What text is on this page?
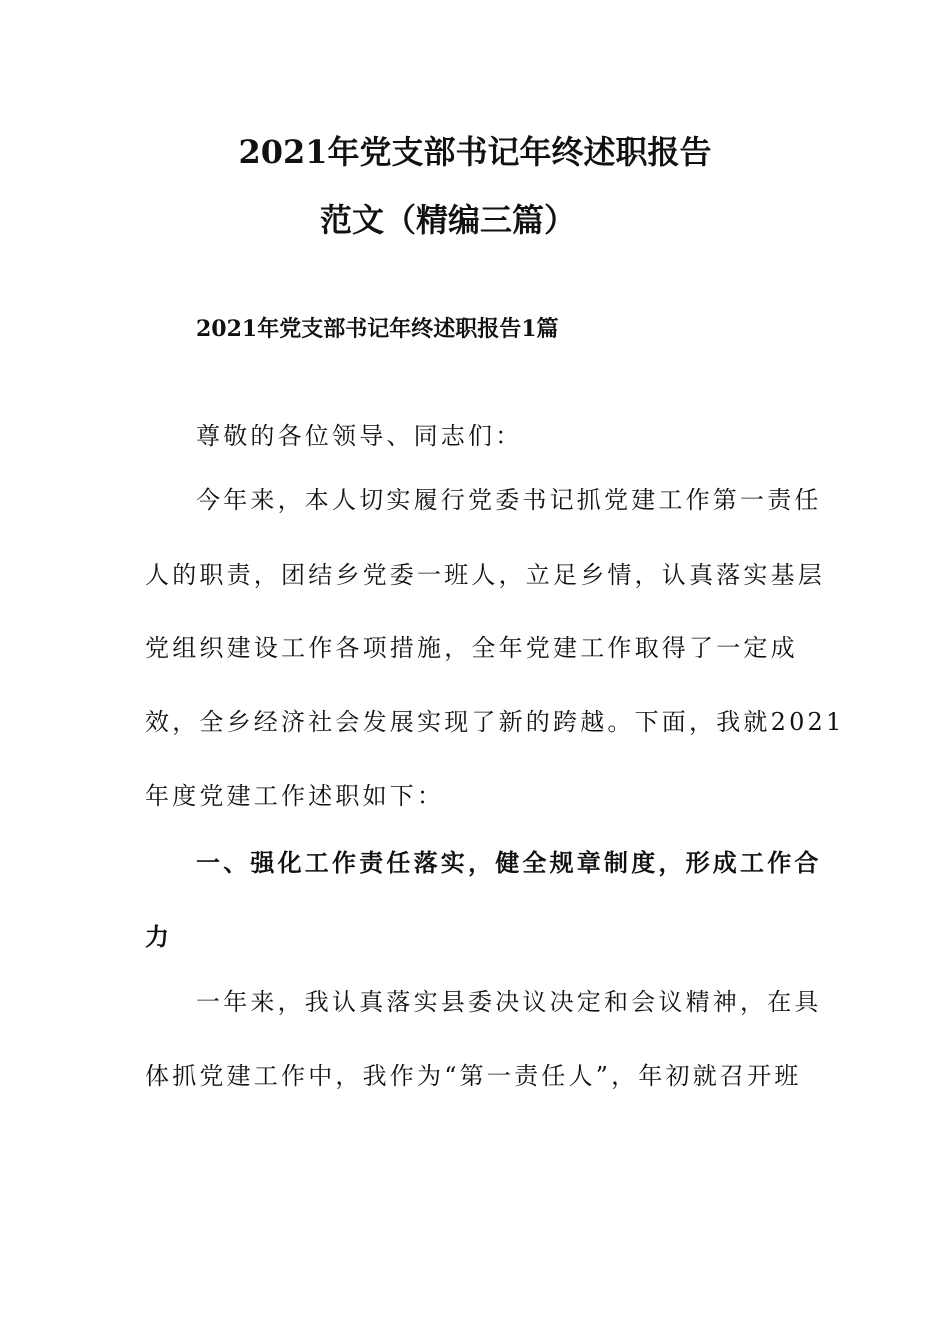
2021年党支部书记年终述职报告
范文（精编三篇）
2021年党支部书记年终述职报告1篇
尊敬的各位领导、同志们：
今年来，本人切实履行党委书记抓党建工作第一责任
人的职责，团结乡党委一班人，立足乡情，认真落实基层
党组织建设工作各项措施，全年党建工作取得了一定成
效，全乡经济社会发展实现了新的跨越。下面，我就2021
年度党建工作述职如下：
一、强化工作责任落实，健全规章制度，形成工作合
力
一年来，我认真落实县委决议决定和会议精神，在具
体抓党建工作中，我作为“第一责任人”，年初就召开班
